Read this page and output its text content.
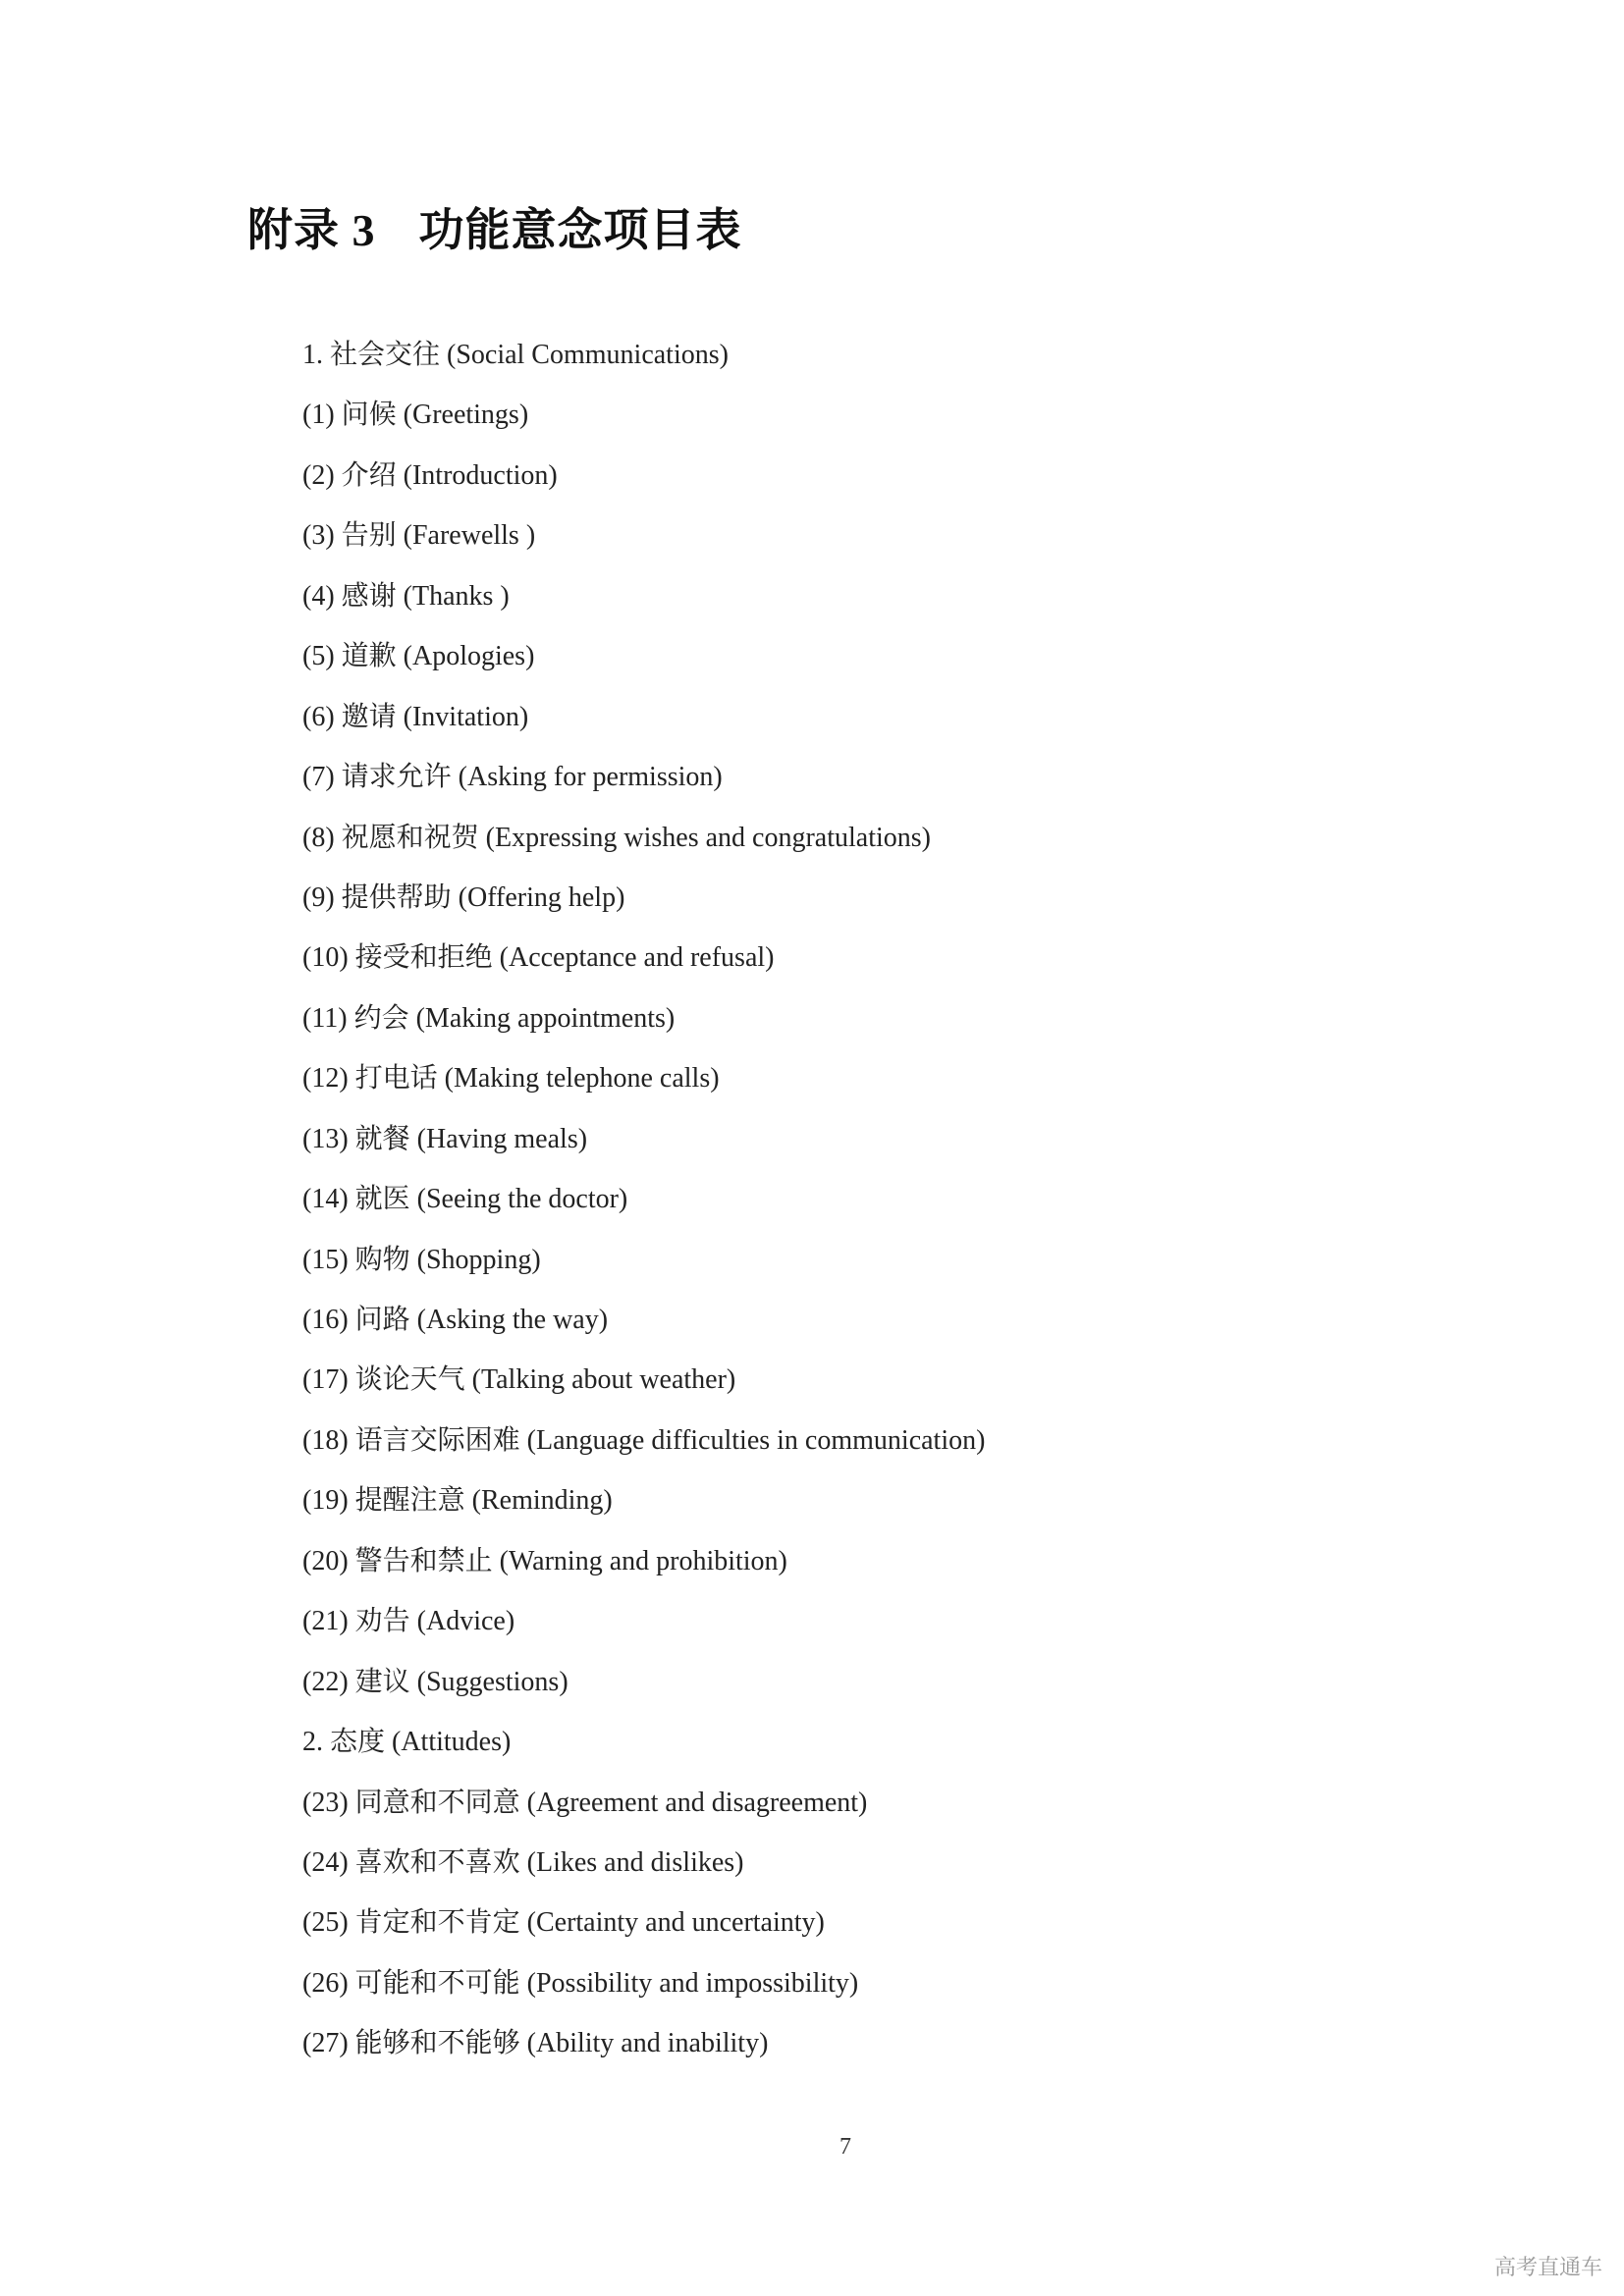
附录 3 功能意念项目表
1. 社会交往 (Social Communications)
(1) 问候 (Greetings)
(2) 介绍 (Introduction)
(3) 告别 (Farewells )
(4) 感谢 (Thanks )
(5) 道歉 (Apologies)
(6) 邀请 (Invitation)
(7) 请求允许 (Asking for permission)
(8) 祝愿和祝贺 (Expressing wishes and congratulations)
(9) 提供帮助 (Offering help)
(10) 接受和拒绝 (Acceptance and refusal)
(11) 约会 (Making appointments)
(12) 打电话 (Making telephone calls)
(13) 就餐 (Having meals)
(14) 就医 (Seeing the doctor)
(15) 购物 (Shopping)
(16) 问路 (Asking the way)
(17) 谈论天气 (Talking about weather)
(18) 语言交际困难 (Language difficulties in communication)
(19) 提醒注意 (Reminding)
(20) 警告和禁止 (Warning and prohibition)
(21) 劝告 (Advice)
(22) 建议 (Suggestions)
2. 态度 (Attitudes)
(23) 同意和不同意 (Agreement and disagreement)
(24) 喜欢和不喜欢 (Likes and dislikes)
(25) 肯定和不肯定 (Certainty and uncertainty)
(26) 可能和不可能 (Possibility and impossibility)
(27) 能够和不能够 (Ability and inability)
7
高考直通车
